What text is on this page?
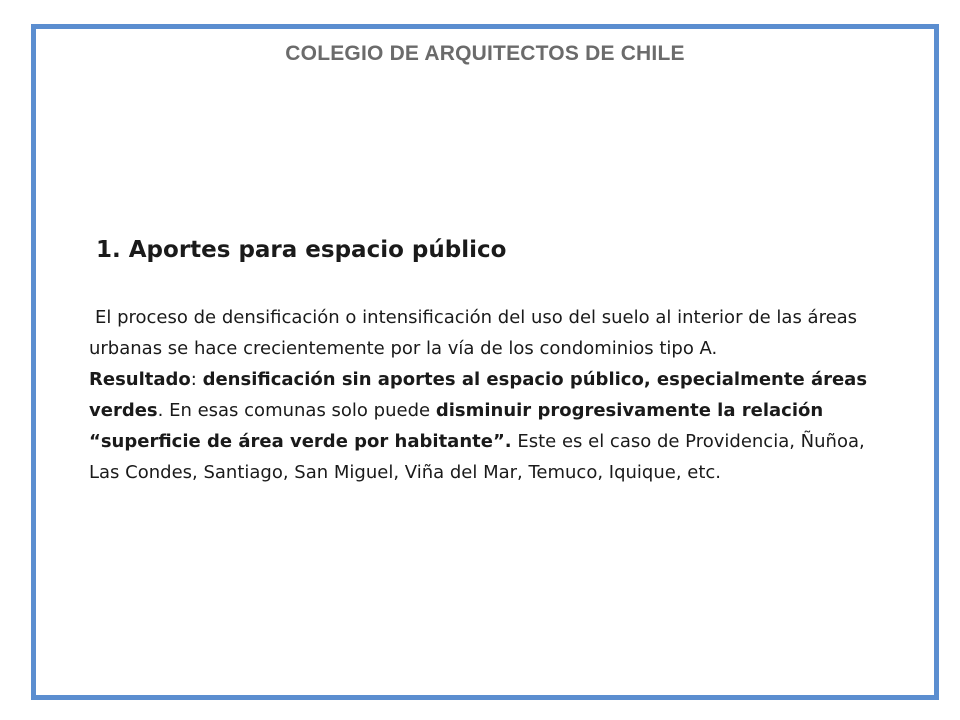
COLEGIO DE ARQUITECTOS DE CHILE
1. Aportes para espacio público

El proceso de densificación o intensificación del uso del suelo al interior de las áreas urbanas se hace crecientemente por la vía de los condominios tipo A.

Resultado: densificación sin aportes al espacio público, especialmente áreas verdes. En esas comunas solo puede disminuir progresivamente la relación “superficie de área verde por habitante”. Este es el caso de Providencia, Ñuñoa, Las Condes, Santiago, San Miguel, Viña del Mar, Temuco, Iquique, etc.
